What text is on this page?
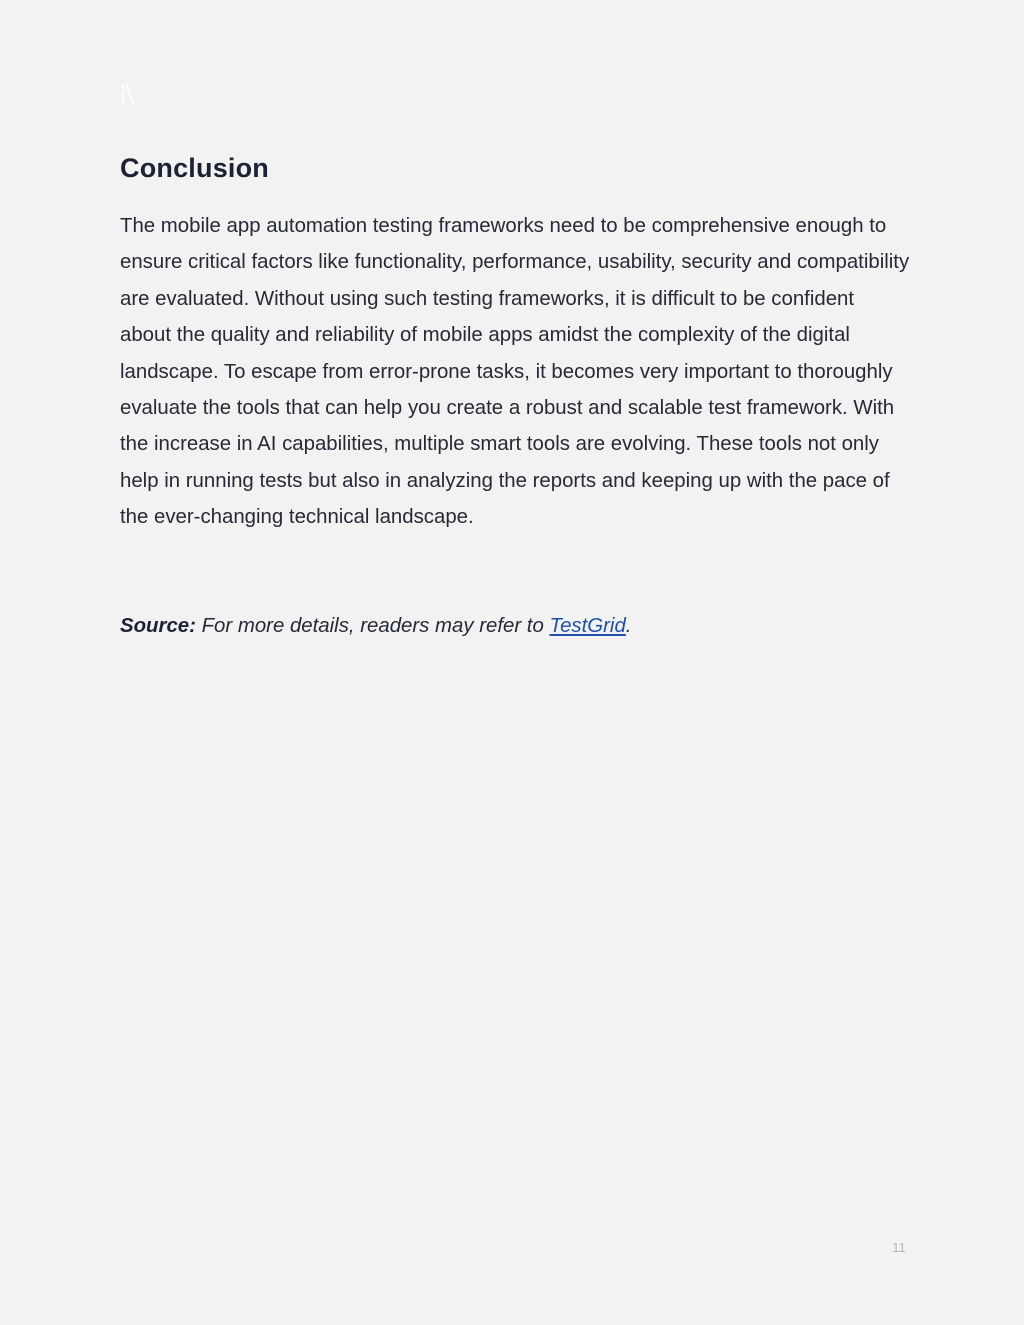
Conclusion

The mobile app automation testing frameworks need to be comprehensive enough to ensure critical factors like functionality, performance, usability, security and compatibility are evaluated. Without using such testing frameworks, it is difficult to be confident about the quality and reliability of mobile apps amidst the complexity of the digital landscape. To escape from error-prone tasks, it becomes very important to thoroughly evaluate the tools that can help you create a robust and scalable test framework. With the increase in AI capabilities, multiple smart tools are evolving. These tools not only help in running tests but also in analyzing the reports and keeping up with the pace of the ever-changing technical landscape.

Source: For more details, readers may refer to TestGrid.

11
